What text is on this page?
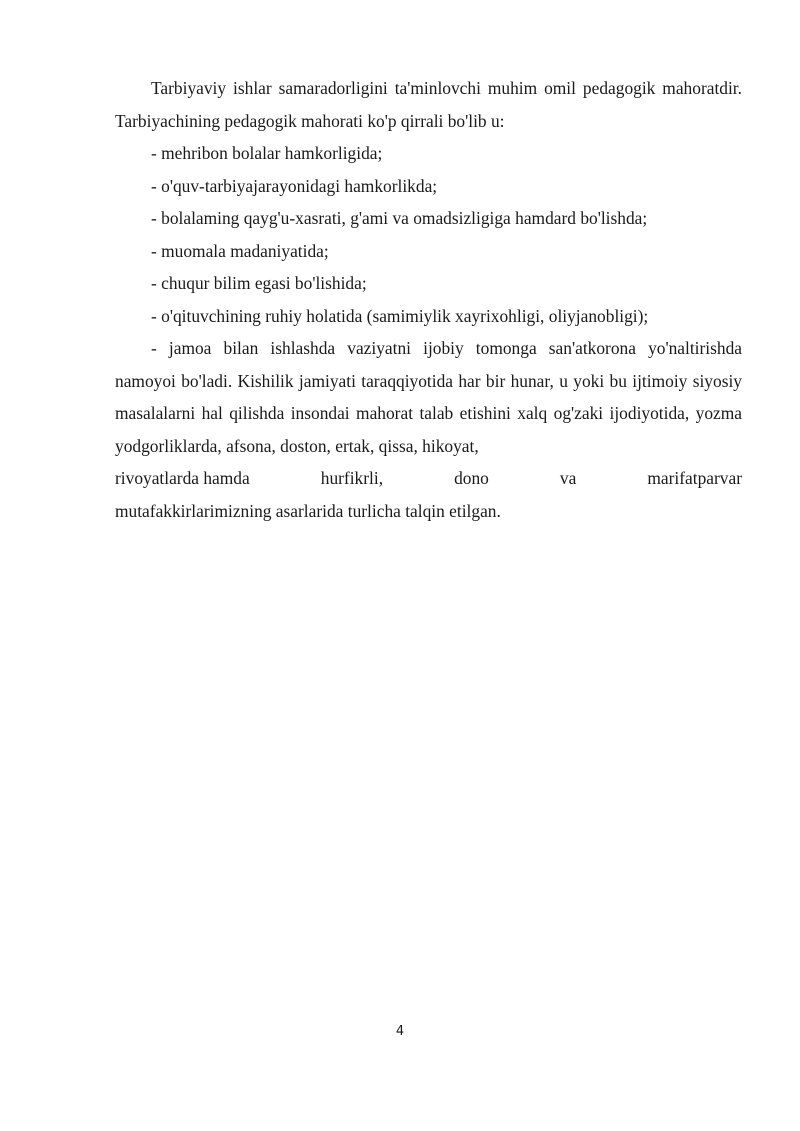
Tarbiyaviy ishlar samaradorligini ta'minlovchi muhim omil pedagogik mahoratdir. Tarbiyachining pedagogik mahorati ko'p qirrali bo'lib u:

- mehribon bolalar hamkorligida;

- o'quv-tarbiyajarayonidagi hamkorlikda;

- bolalaming qayg'u-xasrati, g'ami va omadsizligiga hamdard bo'lishda;

- muomala madaniyatida;

- chuqur bilim egasi bo'lishida;

- o'qituvchining ruhiy holatida (samimiylik xayrixohligi, oliyjanobligi);

- jamoa bilan ishlashda vaziyatni ijobiy tomonga san'atkorona yo'naltirishda namoyoi bo'ladi. Kishilik jamiyati taraqqiyotida har bir hunar, u yoki bu ijtimoiy siyosiy masalalarni hal qilishda insondai mahorat talab etishini xalq og'zaki ijodiyotida, yozma yodgorliklarda, afsona, doston, ertak, qissa, hikoyat,

rivoyatlarda hamda	hurfikrli,	dono	va	marifatparvar

mutafakkirlarimizning asarlarida turlicha talqin etilgan.

4
